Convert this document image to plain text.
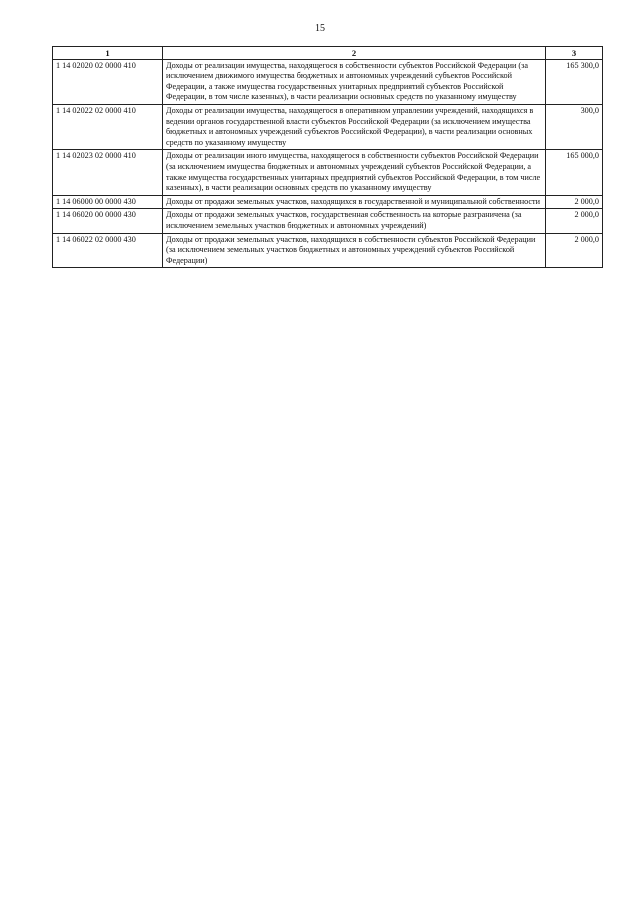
15
1	2	3
1 14 02020 02 0000 410	Доходы от реализации имущества, находящегося в собственности субъектов Российской Федерации (за исключением движимого имущества бюджетных и автономных учреждений субъектов Российской Федерации, а также имущества государственных унитарных предприятий субъектов Российской Федерации, в том числе казенных), в части реализации основных средств по указанному имуществу	165 300,0
1 14 02022 02 0000 410	Доходы от реализации имущества, находящегося в оперативном управлении учреждений, находящихся в ведении органов государственной власти субъектов Российской Федерации (за исключением имущества бюджетных и автономных учреждений субъектов Российской Федерации), в части реализации основных средств по указанному имуществу	300,0
1 14 02023 02 0000 410	Доходы от реализации иного имущества, находящегося в собственности субъектов Российской Федерации (за исключением имущества бюджетных и автономных учреждений субъектов Российской Федерации, а также имущества государственных унитарных предприятий субъектов Российской Федерации, в том числе казенных), в части реализации основных средств по указанному имуществу	165 000,0
1 14 06000 00 0000 430	Доходы от продажи земельных участков, находящихся в государственной и муниципальной собственности	2 000,0
1 14 06020 00 0000 430	Доходы от продажи земельных участков, государственная собственность на которые разграничена (за исключением земельных участков бюджетных и автономных учреждений)	2 000,0
1 14 06022 02 0000 430	Доходы от продажи земельных участков, находящихся в собственности субъектов Российской Федерации (за исключением земельных участков бюджетных и автономных учреждений субъектов Российской Федерации)	2 000,0
